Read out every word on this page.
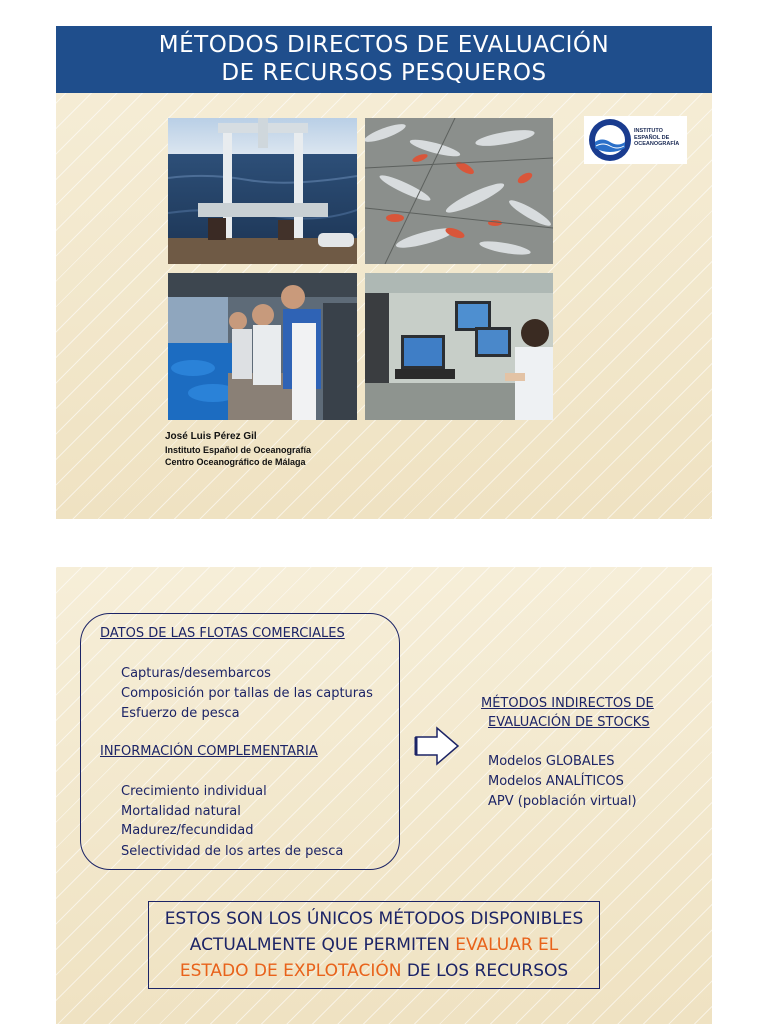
MÉTODOS DIRECTOS DE EVALUACIÓN
DE RECURSOS PESQUEROS
INSTITUTO
ESPAÑOL DE
OCEANOGRAFÍA
José Luis Pérez Gil
Instituto Español de Oceanografía
Centro Oceanográfico de Málaga
DATOS DE LAS FLOTAS COMERCIALES
Capturas/desembarcos
Composición por tallas de las capturas
Esfuerzo de pesca
INFORMACIÓN COMPLEMENTARIA
Crecimiento individual
Mortalidad natural
Madurez/fecundidad
Selectividad de los artes de pesca
MÉTODOS INDIRECTOS DE
EVALUACIÓN DE STOCKS
Modelos GLOBALES
Modelos ANALÍTICOS
APV (población virtual)
ESTOS SON LOS ÚNICOS MÉTODOS DISPONIBLES
ACTUALMENTE QUE PERMITEN EVALUAR EL
ESTADO DE EXPLOTACIÓN DE LOS RECURSOS
